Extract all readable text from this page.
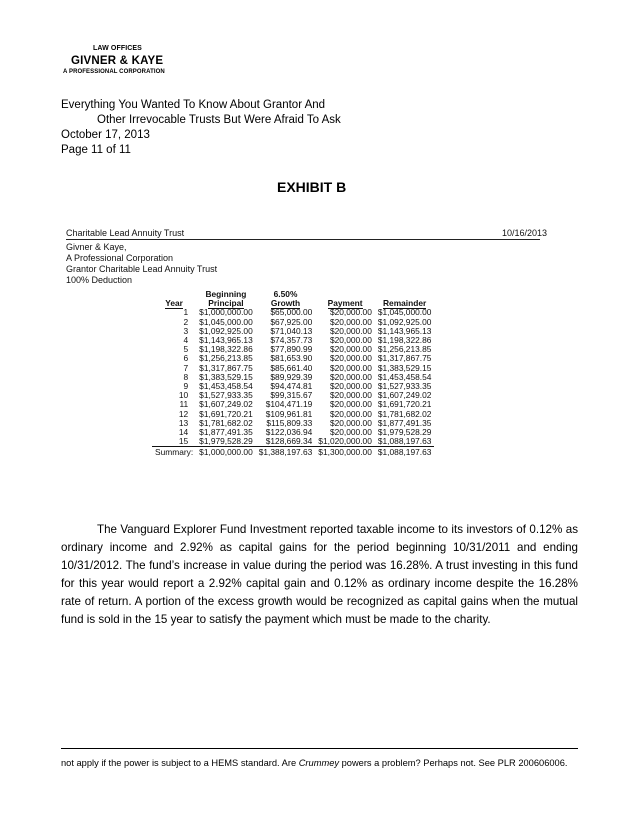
LAW OFFICES
GIVNER & KAYE
A PROFESSIONAL CORPORATION
Everything You Wanted To Know About Grantor And
Other Irrevocable Trusts But Were Afraid To Ask
October 17, 2013
Page 11 of 11
EXHIBIT B
Charitable Lead Annuity Trust	10/16/2013
Givner & Kaye,
A Professional Corporation
Grantor Charitable Lead Annuity Trust
100% Deduction
	Beginning	6.50%		
Year	Principal	Growth	Payment	Remainder
1	$1,000,000.00	$65,000.00	$20,000.00	$1,045,000.00
2	$1,045,000.00	$67,925.00	$20,000.00	$1,092,925.00
3	$1,092,925.00	$71,040.13	$20,000.00	$1,143,965.13
4	$1,143,965.13	$74,357.73	$20,000.00	$1,198,322.86
5	$1,198,322.86	$77,890.99	$20,000.00	$1,256,213.85
6	$1,256,213.85	$81,653.90	$20,000.00	$1,317,867.75
7	$1,317,867.75	$85,661.40	$20,000.00	$1,383,529.15
8	$1,383,529.15	$89,929.39	$20,000.00	$1,453,458.54
9	$1,453,458.54	$94,474.81	$20,000.00	$1,527,933.35
10	$1,527,933.35	$99,315.67	$20,000.00	$1,607,249.02
11	$1,607,249.02	$104,471.19	$20,000.00	$1,691,720.21
12	$1,691,720.21	$109,961.81	$20,000.00	$1,781,682.02
13	$1,781,682.02	$115,809.33	$20,000.00	$1,877,491.35
14	$1,877,491.35	$122,036.94	$20,000.00	$1,979,528.29
15	$1,979,528.29	$128,669.34	$1,020,000.00	$1,088,197.63
Summary:	$1,000,000.00	$1,388,197.63	$1,300,000.00	$1,088,197.63

The Vanguard Explorer Fund Investment reported taxable income to its investors of 0.12% as ordinary income and 2.92% as capital gains for the period beginning 10/31/2011 and ending 10/31/2012. The fund’s increase in value during the period was 16.28%. A trust investing in this fund for this year would report a 2.92% capital gain and 0.12% as ordinary income despite the 16.28% rate of return. A portion of the excess growth would be recognized as capital gains when the mutual fund is sold in the 15 year to satisfy the payment which must be made to the charity.

not apply if the power is subject to a HEMS standard. Are Crummey powers a problem? Perhaps not. See PLR 200606006.
